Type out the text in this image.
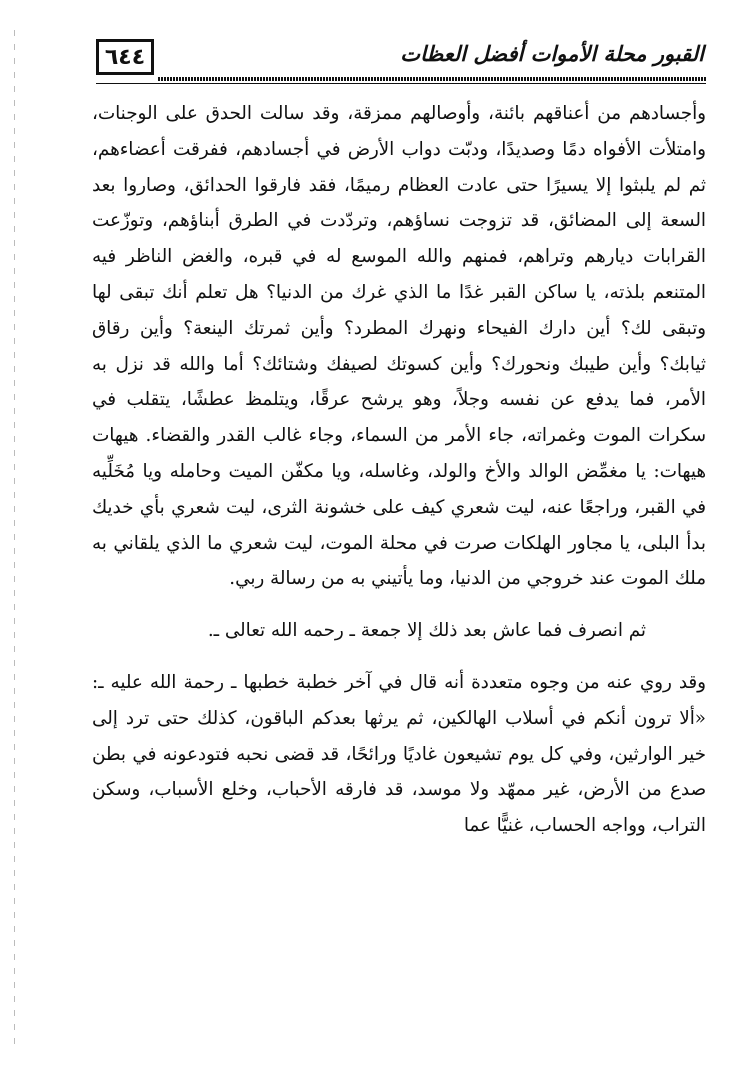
٦٤٤	القبور محلة الأموات أفضل العظات

وأجسادهم من أعناقهم بائنة، وأوصالهم ممزقة، وقد سالت الحدق على الوجنات، وامتلأت الأفواه دمًا وصديدًا، ودبّت دواب الأرض في أجسادهم، ففرقت أعضاءهم، ثم لم يلبثوا إلا يسيرًا حتى عادت العظام رميمًا، فقد فارقوا الحدائق، وصاروا بعد السعة إلى المضائق، قد تزوجت نساؤهم، وتردّدت في الطرق أبناؤهم، وتوزّعت القرابات ديارهم وتراهم، فمنهم والله الموسع له في قبره، والغض الناظر فيه المتنعم بلذته، يا ساكن القبر غدًا ما الذي غرك من الدنيا؟ هل تعلم أنك تبقى لها وتبقى لك؟ أين دارك الفيحاء ونهرك المطرد؟ وأين ثمرتك الينعة؟ وأين رقاق ثيابك؟ وأين طيبك ونحورك؟ وأين كسوتك لصيفك وشتائك؟ أما والله قد نزل به الأمر، فما يدفع عن نفسه وجلاً، وهو يرشح عرقًا، ويتلمظ عطشًا، يتقلب في سكرات الموت وغمراته، جاء الأمر من السماء، وجاء غالب القدر والقضاء. هيهات هيهات: يا مغمِّض الوالد والأخ والولد، وغاسله، ويا مكفّن الميت وحامله ويا مُخَلِّيه في القبر، وراجعًا عنه، ليت شعري كيف على خشونة الثرى، ليت شعري بأي خديك بدأ البلى، يا مجاور الهلكات صرت في محلة الموت، ليت شعري ما الذي يلقاني به ملك الموت عند خروجي من الدنيا، وما يأتيني به من رسالة ربي.

ثم انصرف فما عاش بعد ذلك إلا جمعة ـ رحمه الله تعالى ـ.

وقد روي عنه من وجوه متعددة أنه قال في آخر خطبة خطبها ـ رحمة الله عليه ـ: «ألا ترون أنكم في أسلاب الهالكين، ثم يرثها بعدكم الباقون، كذلك حتى ترد إلى خير الوارثين، وفي كل يوم تشيعون غاديًا ورائحًا، قد قضى نحبه فتودعونه في بطن صدع من الأرض، غير ممهّد ولا موسد، قد فارقه الأحباب، وخلع الأسباب، وسكن التراب، وواجه الحساب، غنيًّا عما
